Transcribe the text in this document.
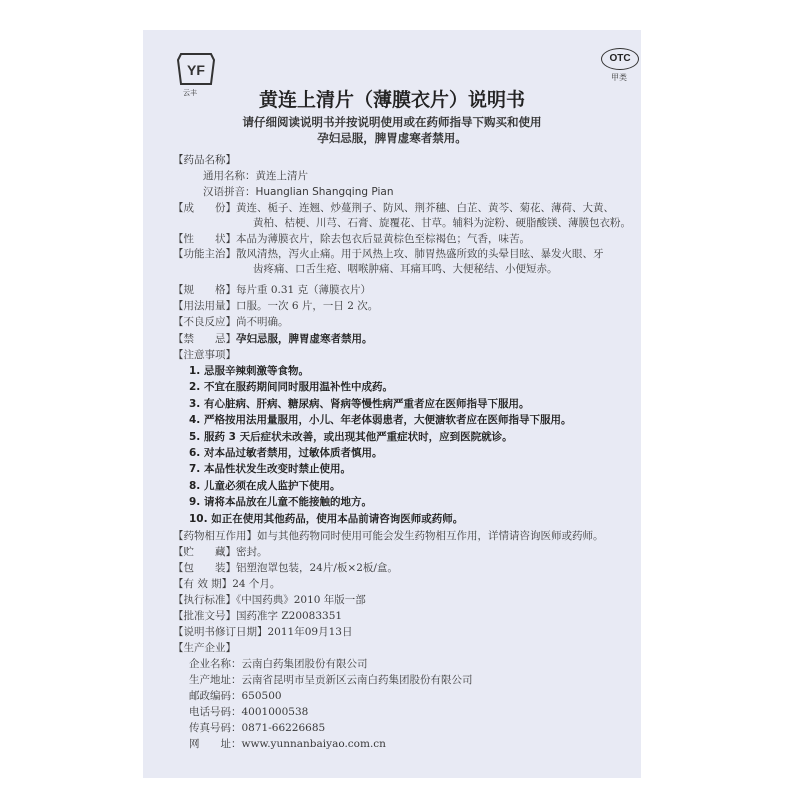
YF
云丰
OTC
甲类
黄连上清片（薄膜衣片）说明书
请仔细阅读说明书并按说明使用或在药师指导下购买和使用
孕妇忌服，脾胃虚寒者禁用。
【药品名称】
通用名称：黄连上清片
汉语拼音：Huanglian Shangqing Pian
【成　　份】黄连、栀子、连翘、炒蔓荆子、防风、荆芥穗、白芷、黄芩、菊花、薄荷、大黄、
黄柏、桔梗、川芎、石膏、旋覆花、甘草。辅料为淀粉、硬脂酸镁、薄膜包衣粉。
【性　　状】本品为薄膜衣片，除去包衣后显黄棕色至棕褐色；气香，味苦。
【功能主治】散风清热，泻火止痛。用于风热上攻、肺胃热盛所致的头晕目眩、暴发火眼、牙
齿疼痛、口舌生疮、咽喉肿痛、耳痛耳鸣、大便秘结、小便短赤。
【规　　格】每片重 0.31 克（薄膜衣片）
【用法用量】口服。一次 6 片，一日 2 次。
【不良反应】尚不明确。
【禁　　忌】孕妇忌服，脾胃虚寒者禁用。
【注意事项】
1. 忌服辛辣刺激等食物。
2. 不宜在服药期间同时服用温补性中成药。
3. 有心脏病、肝病、糖尿病、肾病等慢性病严重者应在医师指导下服用。
4. 严格按用法用量服用，小儿、年老体弱患者，大便溏软者应在医师指导下服用。
5. 服药 3 天后症状未改善，或出现其他严重症状时，应到医院就诊。
6. 对本品过敏者禁用，过敏体质者慎用。
7. 本品性状发生改变时禁止使用。
8. 儿童必须在成人监护下使用。
9. 请将本品放在儿童不能接触的地方。
10. 如正在使用其他药品，使用本品前请咨询医师或药师。
【药物相互作用】如与其他药物同时使用可能会发生药物相互作用，详情请咨询医师或药师。
【贮　　藏】密封。
【包　　装】铝塑泡罩包装，24片/板×2板/盒。
【有 效 期】24 个月。
【执行标准】《中国药典》2010 年版一部
【批准文号】国药准字 Z20083351
【说明书修订日期】2011年09月13日
【生产企业】
企业名称：云南白药集团股份有限公司
生产地址：云南省昆明市呈贡新区云南白药集团股份有限公司
邮政编码：650500
电话号码：4001000538
传真号码：0871-66226685
网　　址：www.yunnanbaiyao.com.cn
